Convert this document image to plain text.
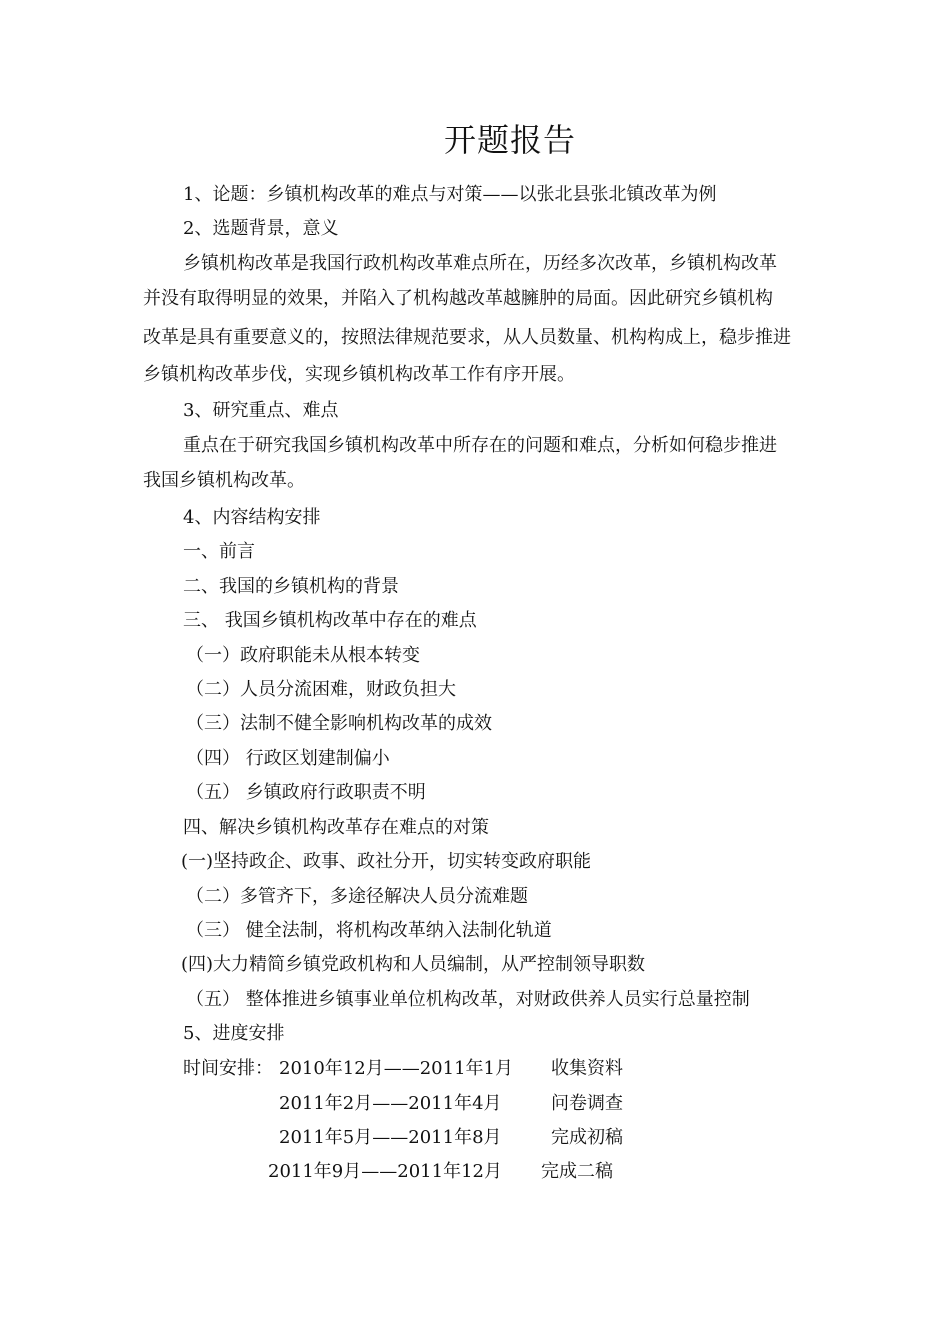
开题报告
1、论题：乡镇机构改革的难点与对策——以张北县张北镇改革为例
2、选题背景，意义
乡镇机构改革是我国行政机构改革难点所在，历经多次改革，乡镇机构改革
并没有取得明显的效果，并陷入了机构越改革越臃肿的局面。因此研究乡镇机构
改革是具有重要意义的，按照法律规范要求，从人员数量、机构构成上，稳步推进
乡镇机构改革步伐，实现乡镇机构改革工作有序开展。
3、研究重点、难点
重点在于研究我国乡镇机构改革中所存在的问题和难点，分析如何稳步推进
我国乡镇机构改革。
4、内容结构安排
一、前言
二、我国的乡镇机构的背景
三、 我国乡镇机构改革中存在的难点
（一）政府职能未从根本转变
（二）人员分流困难，财政负担大
（三）法制不健全影响机构改革的成效
（四） 行政区划建制偏小
（五） 乡镇政府行政职责不明
四、解决乡镇机构改革存在难点的对策
(一)坚持政企、政事、政社分开，切实转变政府职能
（二）多管齐下，多途径解决人员分流难题
（三） 健全法制，将机构改革纳入法制化轨道
(四)大力精简乡镇党政机构和人员编制，从严控制领导职数
（五） 整体推进乡镇事业单位机构改革，对财政供养人员实行总量控制
5、进度安排
时间安排： 2010年12月——2011年1月 收集资料
2011年2月——2011年4月	问卷调查
2011年5月——2011年8月	完成初稿
2011年9月——2011年12月 完成二稿
